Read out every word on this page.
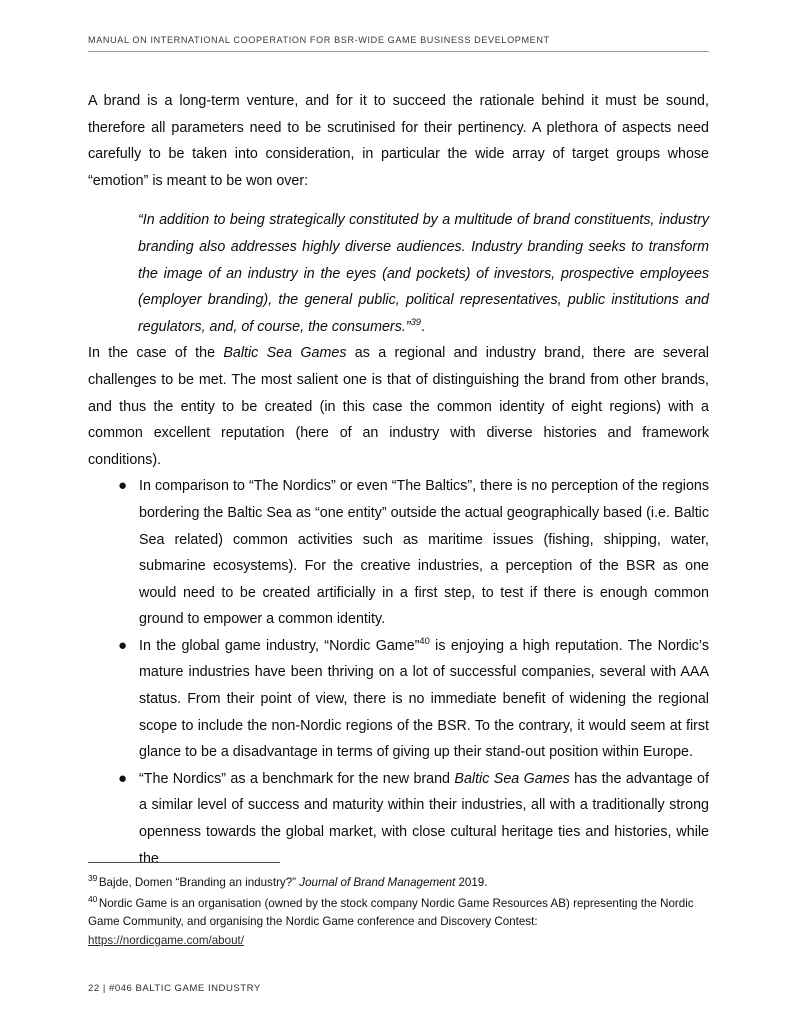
MANUAL ON INTERNATIONAL COOPERATION FOR BSR-WIDE GAME BUSINESS DEVELOPMENT

A brand is a long-term venture, and for it to succeed the rationale behind it must be sound, therefore all parameters need to be scrutinised for their pertinency. A plethora of aspects need carefully to be taken into consideration, in particular the wide array of target groups whose “emotion” is meant to be won over:

“In addition to being strategically constituted by a multitude of brand constituents, industry branding also addresses highly diverse audiences. Industry branding seeks to transform the image of an industry in the eyes (and pockets) of investors, prospective employees (employer branding), the general public, political representatives, public institutions and regulators, and, of course, the consumers.”$^{39}$.

In the case of the Baltic Sea Games as a regional and industry brand, there are several challenges to be met. The most salient one is that of distinguishing the brand from other brands, and thus the entity to be created (in this case the common identity of eight regions) with a common excellent reputation (here of an industry with diverse histories and framework conditions).

● In comparison to “The Nordics” or even “The Baltics”, there is no perception of the regions bordering the Baltic Sea as “one entity” outside the actual geographically based (i.e. Baltic Sea related) common activities such as maritime issues (fishing, shipping, water, submarine ecosystems). For the creative industries, a perception of the BSR as one would need to be created artificially in a first step, to test if there is enough common ground to empower a common identity.
● In the global game industry, “Nordic Game”$^{40}$ is enjoying a high reputation. The Nordic’s mature industries have been thriving on a lot of successful companies, several with AAA status. From their point of view, there is no immediate benefit of widening the regional scope to include the non-Nordic regions of the BSR. To the contrary, it would seem at first glance to be a disadvantage in terms of giving up their stand-out position within Europe.
● “The Nordics” as a benchmark for the new brand Baltic Sea Games has the advantage of a similar level of success and maturity within their industries, all with a traditionally strong openness towards the global market, with close cultural heritage ties and histories, while the

$^{39}$ Bajde, Domen “Branding an industry?” Journal of Brand Management 2019.

$^{40}$ Nordic Game is an organisation (owned by the stock company Nordic Game Resources AB) representing the Nordic Game Community, and organising the Nordic Game conference and Discovery Contest:
https://nordicgame.com/about/

22 | #046 BALTIC GAME INDUSTRY
